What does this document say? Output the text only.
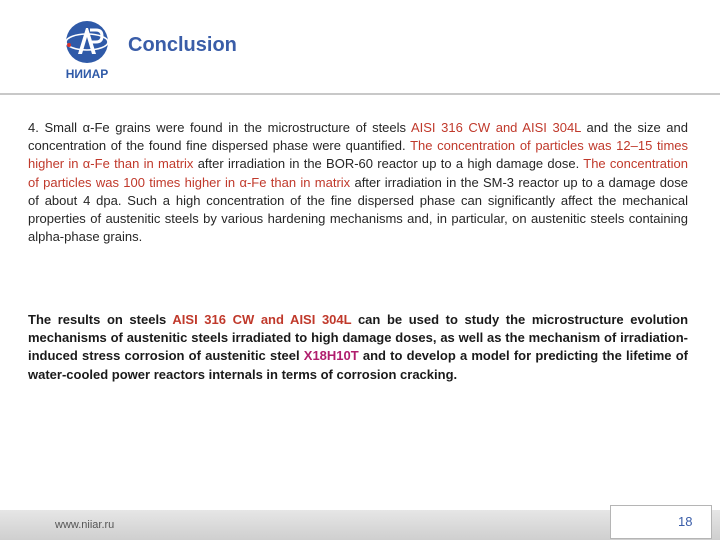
НИИАР
Conclusion
4. Small α-Fe grains were found in the microstructure of steels AISI 316 CW and AISI 304L and the size and concentration of the found fine dispersed phase were quantified. The concentration of particles was 12–15 times higher in α-Fe than in matrix after irradiation in the BOR-60 reactor up to a high damage dose. The concentration of particles was 100 times higher in α-Fe than in matrix after irradiation in the SM-3 reactor up to a damage dose of about 4 dpa. Such a high concentration of the fine dispersed phase can significantly affect the mechanical properties of austenitic steels by various hardening mechanisms and, in particular, on austenitic steels containing alpha-phase grains.
The results on steels AISI 316 CW and AISI 304L can be used to study the microstructure evolution mechanisms of austenitic steels irradiated to high damage doses, as well as the mechanism of irradiation-induced stress corrosion of austenitic steel X18H10T and to develop a model for predicting the lifetime of water-cooled power reactors internals in terms of corrosion cracking.
www.niiar.ru	18
